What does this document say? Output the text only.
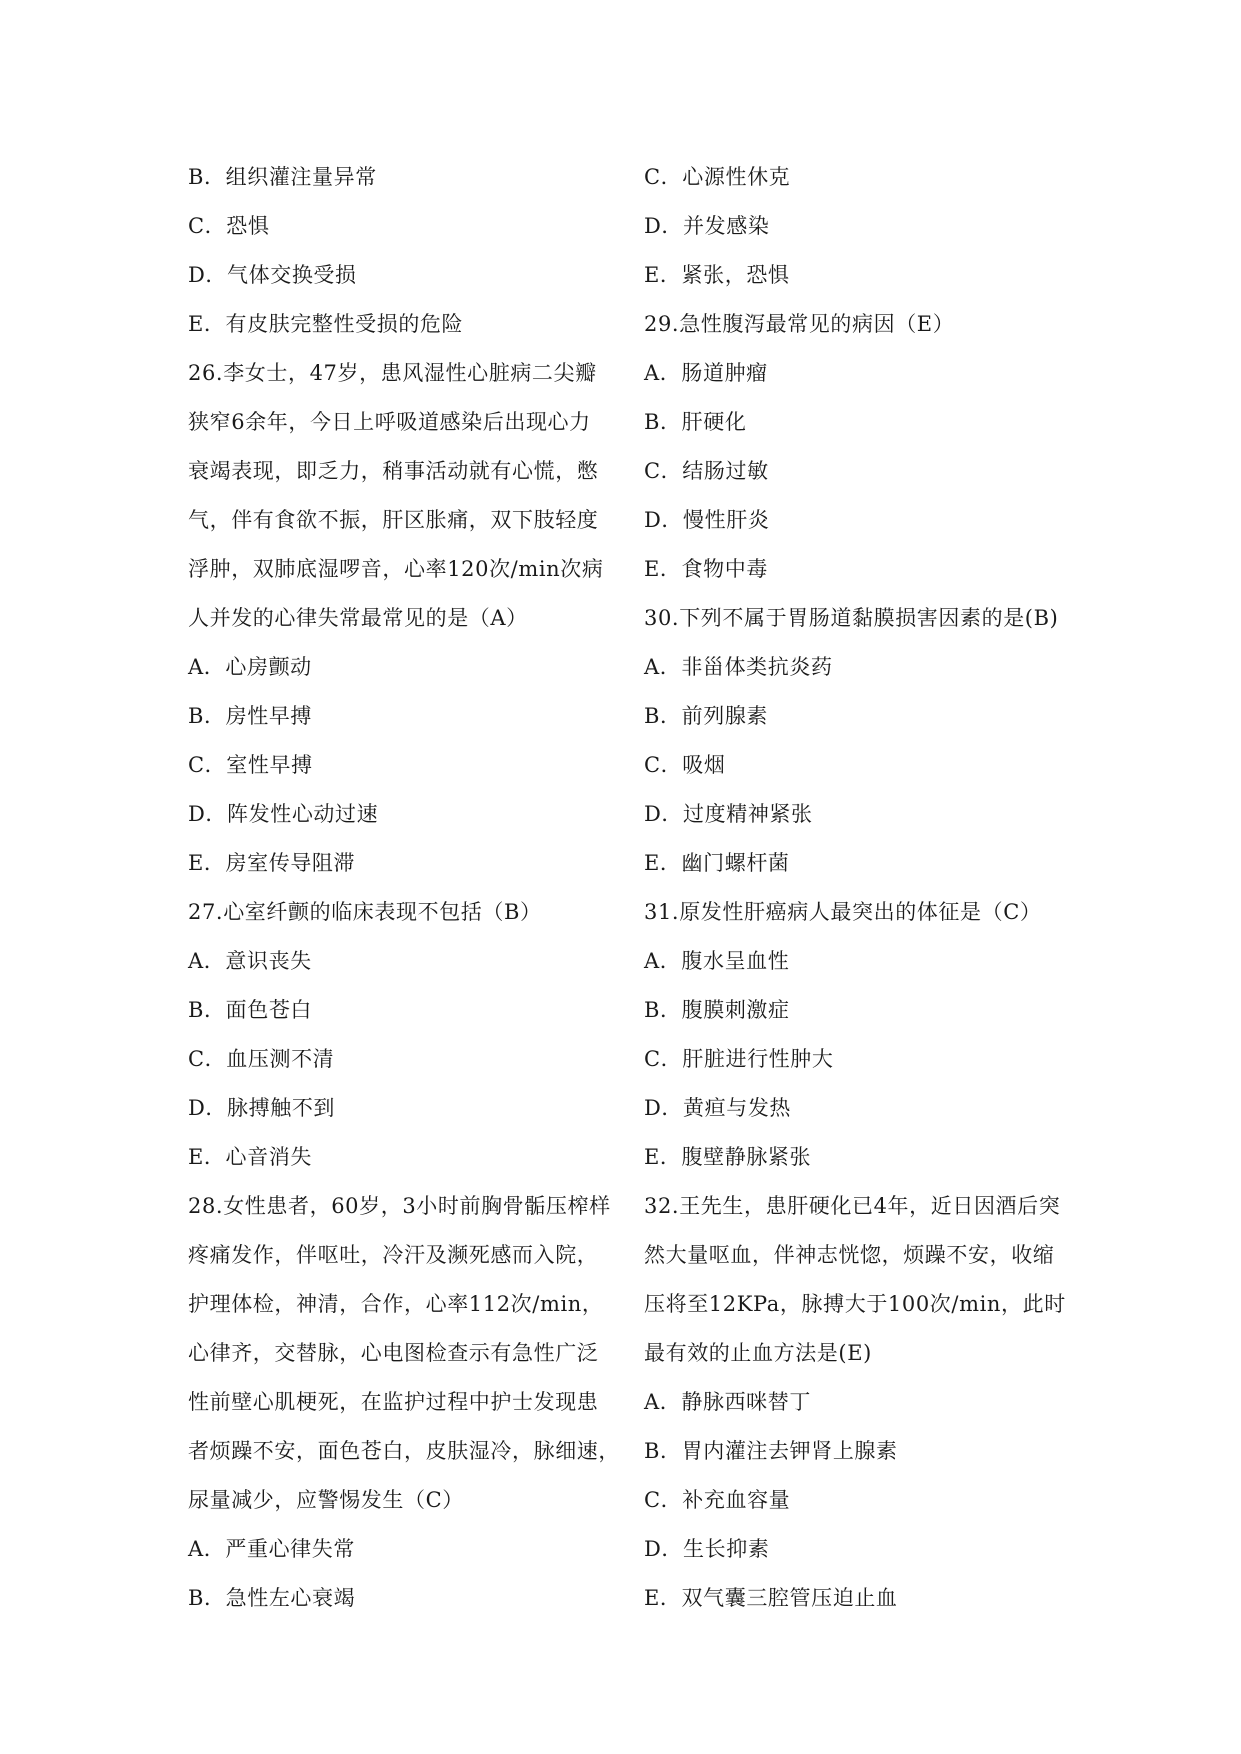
B．组织灌注量异常
C．恐惧
D．气体交换受损
E．有皮肤完整性受损的危险
26.李女士，47岁，患风湿性心脏病二尖瓣
狭窄6余年，今日上呼吸道感染后出现心力
衰竭表现，即乏力，稍事活动就有心慌，憋
气，伴有食欲不振，肝区胀痛，双下肢轻度
浮肿，双肺底湿啰音，心率120次/min次病
人并发的心律失常最常见的是（A）
A．心房颤动
B．房性早搏
C．室性早搏
D．阵发性心动过速
E．房室传导阻滞
27.心室纤颤的临床表现不包括（B）
A．意识丧失
B．面色苍白
C．血压测不清
D．脉搏触不到
E．心音消失
28.女性患者，60岁，3小时前胸骨骺压榨样
疼痛发作，伴呕吐，冷汗及濒死感而入院，
护理体检，神清，合作，心率112次/min，
心律齐，交替脉，心电图检查示有急性广泛
性前壁心肌梗死，在监护过程中护士发现患
者烦躁不安，面色苍白，皮肤湿冷，脉细速，
尿量减少，应警惕发生（C）
A．严重心律失常
B．急性左心衰竭
C．心源性休克
D．并发感染
E．紧张，恐惧
29.急性腹泻最常见的病因（E）
A．肠道肿瘤
B．肝硬化
C．结肠过敏
D．慢性肝炎
E．食物中毒
30.下列不属于胃肠道黏膜损害因素的是(B)
A．非甾体类抗炎药
B．前列腺素
C．吸烟
D．过度精神紧张
E．幽门螺杆菌
31.原发性肝癌病人最突出的体征是（C）
A．腹水呈血性
B．腹膜刺激症
C．肝脏进行性肿大
D．黄疸与发热
E．腹壁静脉紧张
32.王先生，患肝硬化已4年，近日因酒后突
然大量呕血，伴神志恍惚，烦躁不安，收缩
压将至12KPa，脉搏大于100次/min，此时
最有效的止血方法是(E)
A．静脉西咪替丁
B．胃内灌注去钾肾上腺素
C．补充血容量
D．生长抑素
E．双气囊三腔管压迫止血
